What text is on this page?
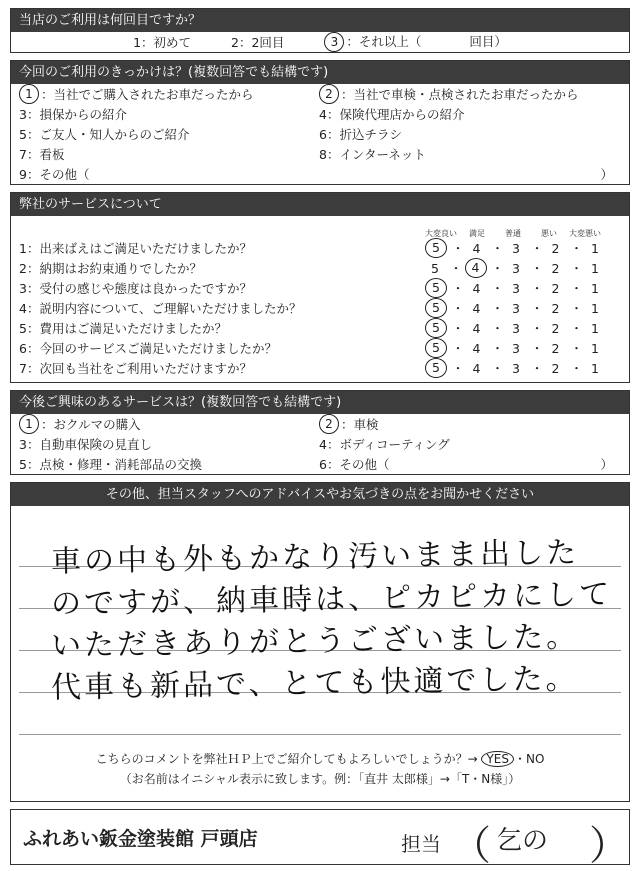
当店のご利用は何回目ですか？
1：初めて	2：2回目	3 ：それ以上（	回目）
今回のご利用のきっかけは？(複数回答でも結構です)
1 ：当社でご購入されたお車だったから	2 ：当社で車検・点検されたお車だったから
3：損保からの紹介	4：保険代理店からの紹介
5：ご友人・知人からのご紹介	6：折込チラシ
7：看板	8：インターネット
9：その他（	）
弊社のサービスについて
大変良い	満足	普通	悪い	大変悪い
1：出来ばえはご満足いただけましたか？	5 ・ 4 ・ 3 ・ 2 ・ 1
2：納期はお約束通りでしたか？	5 ・ 4 ・ 3 ・ 2 ・ 1
3：受付の感じや態度は良かったですか？	5 ・ 4 ・ 3 ・ 2 ・ 1
4：説明内容について、ご理解いただけましたか？	5 ・ 4 ・ 3 ・ 2 ・ 1
5：費用はご満足いただけましたか？	5 ・ 4 ・ 3 ・ 2 ・ 1
6：今回のサービスご満足いただけましたか？	5 ・ 4 ・ 3 ・ 2 ・ 1
7：次回も当社をご利用いただけますか？	5 ・ 4 ・ 3 ・ 2 ・ 1
今後ご興味のあるサービスは？(複数回答でも結構です)
1 ：おクルマの購入	2 ：車検
3：自動車保険の見直し	4：ボディコーティング
5：点検・修理・消耗部品の交換	6：その他（	）
その他、担当スタッフへのアドバイスやお気づきの点をお聞かせください
車の中も外もかなり汚いまま出した
のですが、納車時は、ピカピカにして
いただきありがとうございました。
代車も新品で、とても快適でした。
こちらのコメントを弊社ＨＰ上でご紹介してもよろしいでしょうか？→ YES ・NO
（お名前はイニシャル表示に致します。例：「直井 太郎様」→「T・N様」）
ふれあい鈑金塗装館 戸頭店	担当 （ 乞の ）
